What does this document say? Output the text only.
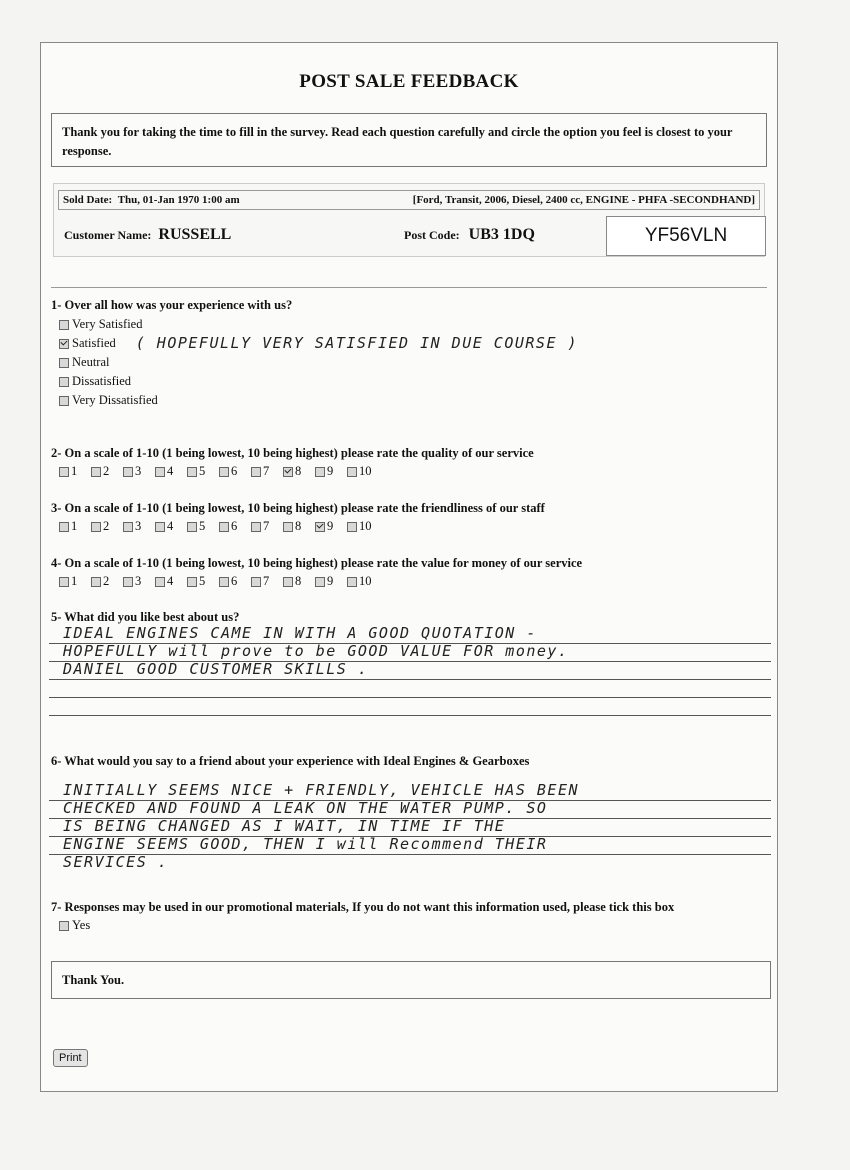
POST SALE FEEDBACK
Thank you for taking the time to fill in the survey. Read each question carefully and circle the option you feel is closest to your response.
Sold Date: Thu, 01-Jan 1970 1:00 am	[Ford, Transit, 2006, Diesel, 2400 cc, ENGINE - PHFA -SECONDHAND]
Customer Name: RUSSELL	Post Code: UB3 1DQ	YF56VLN
1- Over all how was your experience with us?
Very Satisfied
Satisfied ( HOPEFULLY VERY SATISFIED IN DUE COURSE )
Neutral
Dissatisfied
Very Dissatisfied
2- On a scale of 1-10 (1 being lowest, 10 being highest) please rate the quality of our service
1 2 3 4 5 6 7 8 9 10
3- On a scale of 1-10 (1 being lowest, 10 being highest) please rate the friendliness of our staff
1 2 3 4 5 6 7 8 9 10
4- On a scale of 1-10 (1 being lowest, 10 being highest) please rate the value for money of our service
1 2 3 4 5 6 7 8 9 10
5- What did you like best about us?
IDEAL ENGINES CAME IN WITH A GOOD QUOTATION -
HOPEFULLY will prove to be GOOD VALUE FOR money.
DANIEL GOOD CUSTOMER SKILLS .
6- What would you say to a friend about your experience with Ideal Engines & Gearboxes
INITIALLY SEEMS NICE + FRIENDLY, VEHICLE HAS BEEN
CHECKED AND FOUND A LEAK ON THE WATER PUMP. SO
IS BEING CHANGED AS I WAIT, IN TIME IF THE
ENGINE SEEMS GOOD, THEN I will Recommend THEIR
SERVICES .
7- Responses may be used in our promotional materials, If you do not want this information used, please tick this box
Yes
Thank You.
Print
